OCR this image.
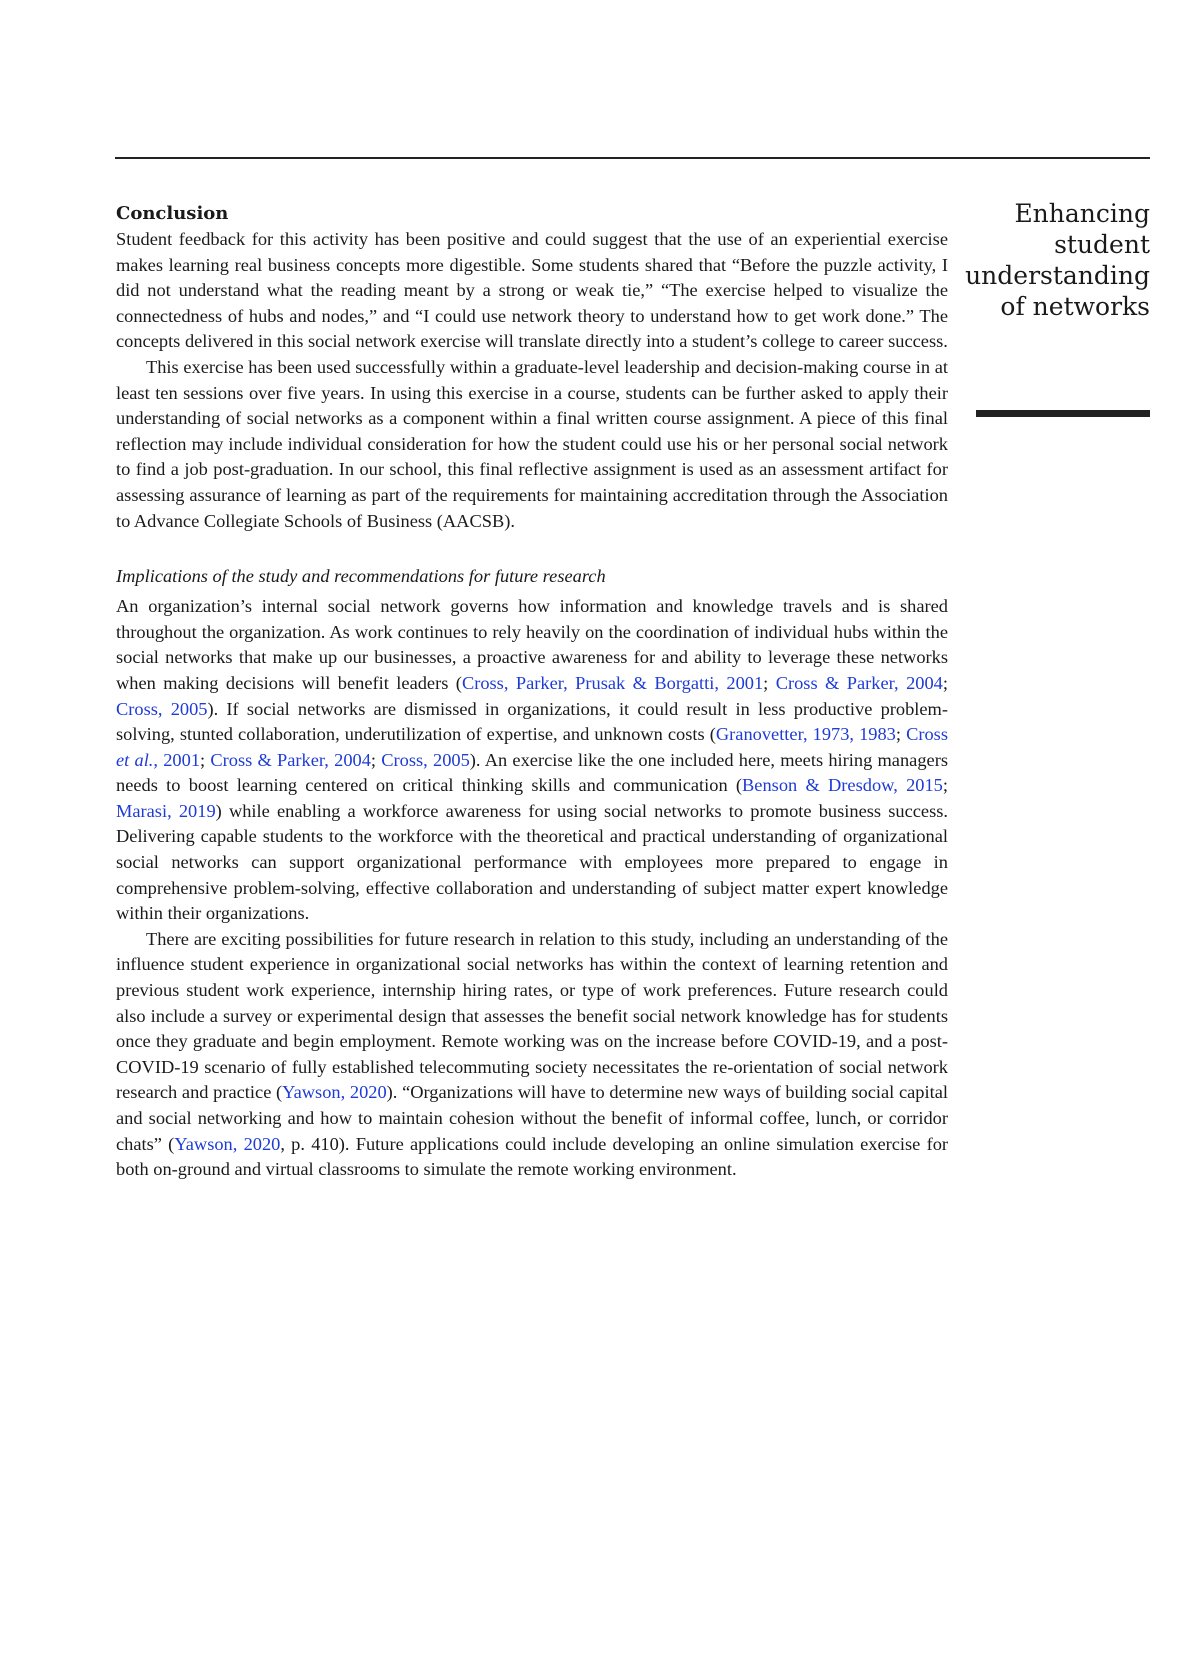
Enhancing
student
understanding
of networks
Conclusion

Student feedback for this activity has been positive and could suggest that the use of an experiential exercise makes learning real business concepts more digestible. Some students shared that “Before the puzzle activity, I did not understand what the reading meant by a strong or weak tie,” “The exercise helped to visualize the connectedness of hubs and nodes,” and “I could use network theory to understand how to get work done.” The concepts delivered in this social network exercise will translate directly into a student’s college to career success.

This exercise has been used successfully within a graduate-level leadership and decision-making course in at least ten sessions over five years. In using this exercise in a course, students can be further asked to apply their understanding of social networks as a component within a final written course assignment. A piece of this final reflection may include individual consideration for how the student could use his or her personal social network to find a job post-graduation. In our school, this final reflective assignment is used as an assessment artifact for assessing assurance of learning as part of the requirements for maintaining accreditation through the Association to Advance Collegiate Schools of Business (AACSB).

Implications of the study and recommendations for future research

An organization’s internal social network governs how information and knowledge travels and is shared throughout the organization. As work continues to rely heavily on the coordination of individual hubs within the social networks that make up our businesses, a proactive awareness for and ability to leverage these networks when making decisions will benefit leaders (Cross, Parker, Prusak & Borgatti, 2001; Cross & Parker, 2004; Cross, 2005). If social networks are dismissed in organizations, it could result in less productive problem-solving, stunted collaboration, underutilization of expertise, and unknown costs (Granovetter, 1973, 1983; Cross et al., 2001; Cross & Parker, 2004; Cross, 2005). An exercise like the one included here, meets hiring managers needs to boost learning centered on critical thinking skills and communication (Benson & Dresdow, 2015; Marasi, 2019) while enabling a workforce awareness for using social networks to promote business success. Delivering capable students to the workforce with the theoretical and practical understanding of organizational social networks can support organizational performance with employees more prepared to engage in comprehensive problem-solving, effective collaboration and understanding of subject matter expert knowledge within their organizations.

There are exciting possibilities for future research in relation to this study, including an understanding of the influence student experience in organizational social networks has within the context of learning retention and previous student work experience, internship hiring rates, or type of work preferences. Future research could also include a survey or experimental design that assesses the benefit social network knowledge has for students once they graduate and begin employment. Remote working was on the increase before COVID-19, and a post-COVID-19 scenario of fully established telecommuting society necessitates the re-orientation of social network research and practice (Yawson, 2020). “Organizations will have to determine new ways of building social capital and social networking and how to maintain cohesion without the benefit of informal coffee, lunch, or corridor chats” (Yawson, 2020, p. 410). Future applications could include developing an online simulation exercise for both on-ground and virtual classrooms to simulate the remote working environment.
